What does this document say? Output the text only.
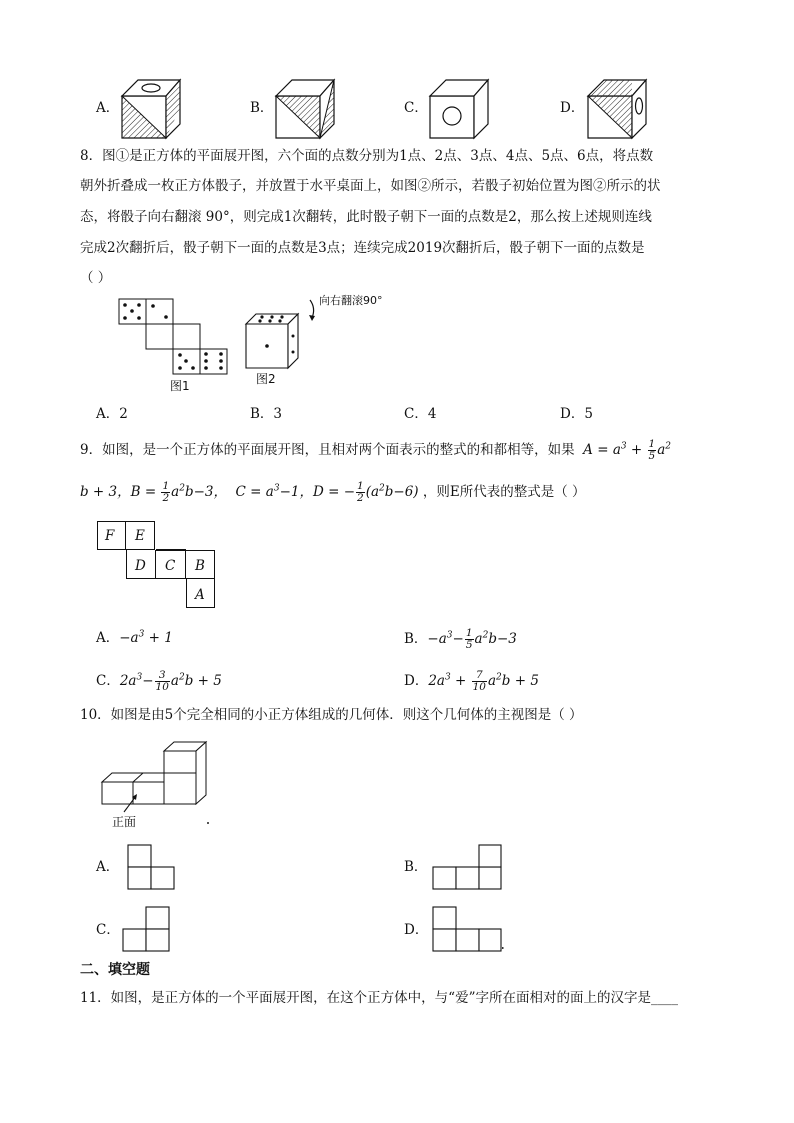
A．	B．	C．	D．
8．图①是正方体的平面展开图，六个面的点数分别为1点、2点、3点、4点、5点、6点，将点数
朝外折叠成一枚正方体骰子，并放置于水平桌面上，如图②所示，若骰子初始位置为图②所示的状
态，将骰子向右翻滚 90°，则完成1次翻转，此时骰子朝下一面的点数是2，那么按上述规则连线
完成2次翻折后，骰子朝下一面的点数是3点；连续完成2019次翻折后，骰子朝下一面的点数是
（ ）
图1	图2
向右翻滚90°
A．2	B．3	C．4	D．5
9．如图，是一个正方体的平面展开图，且相对两个面表示的整式的和都相等，如果  $A = a^3 + \frac{1}{5} a^2$
b + 3，$B = \frac{1}{2} a^2b-3$，  $C = a^3-1$，D = − $\frac{1}{2} (a^2b-6)$ ，则E所代表的整式是（ ）
F E
D C B
A
A．$-a^3 + 1$	B．$-a^3- \frac{1}{5} a^2b-3$
C．$2a^3- \frac{3}{10} a^2b + 5$	D．$2a^3 + \frac{7}{10} a^2b + 5$
10．如图是由5个完全相同的小正方体组成的几何体．则这个几何体的主视图是（ ）
正面
A．	B．
C．	D．
二、填空题
11．如图，是正方体的一个平面展开图，在这个正方体中，与“爱”字所在面相对的面上的汉字是____
